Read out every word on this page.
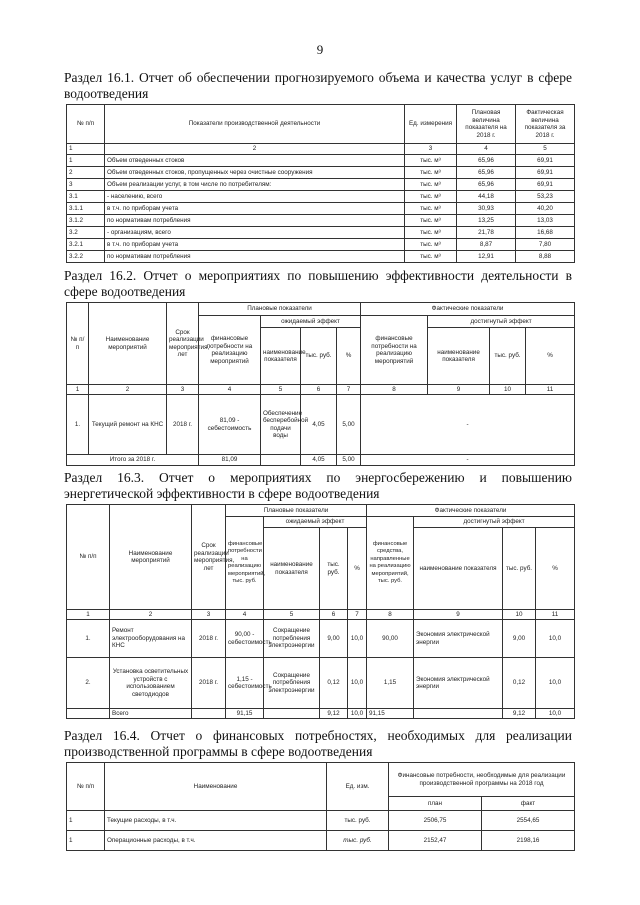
9
Раздел 16.1. Отчет об обеспечении прогнозируемого объема и качества услуг в сфере водоотведения
№ п/п	Показатели производственной деятельности	Ед. измерения	Плановая величина показателя на 2018 г.	Фактическая величина показателя за 2018 г.
1	2	3	4	5
1	Объем отведенных стоков	тыс. м³	65,96	69,91
2	Объем отведенных стоков, пропущенных через очистные сооружения	тыс. м³	65,96	69,91
3	Объем реализации услуг, в том числе по потребителям:	тыс. м³	65,96	69,91
3.1	- населению, всего	тыс. м³	44,18	53,23
3.1.1	в т.ч. по приборам учета	тыс. м³	30,93	40,20
3.1.2	по нормативам потребления	тыс. м³	13,25	13,03
3.2	- организациям, всего	тыс. м³	21,78	16,68
3.2.1	в т.ч. по приборам учета	тыс. м³	8,87	7,80
3.2.2	по нормативам потребления	тыс. м³	12,91	8,88
Раздел 16.2. Отчет о мероприятиях по повышению эффективности деятельности в сфере водоотведения
№ п/ п	Наименование мероприятий	Срок реализации мероприятия, лет	Плановые показатели				Фактические показатели			
			финансовые потребности на реализацию мероприятий	ожидаемый эффект			финансовые потребности на реализацию мероприятий	достигнутый эффект		
				наименование показателя	тыс. руб.	%		наименование показателя	тыс. руб.	%
1	2	3	4	5	6	7	8	9	10	11
1.	Текущий ремонт на КНС	2018 г.	81,09 - себестоимость	Обеспечение бесперебойной подачи воды	4,05	5,00	-			
Итого за 2018 г.			81,09		4,05	5,00	-			
Раздел 16.3. Отчет о мероприятиях по энергосбережению и повышению энергетической эффективности в сфере водоотведения
№ п/п	Наименование мероприятий	Срок реализации мероприятия, лет	Плановые показатели				Фактические показатели			
			финансовые потребности на реализацию мероприятий, тыс. руб.	ожидаемый эффект			финансовые средства, направленные на реализацию мероприятий, тыс. руб.	достигнутый эффект		
				наименование показателя	тыс. руб.	%		наименование показателя	тыс. руб.	%
1	2	3	4	5	6	7	8	9	10	11
1.	Ремонт электрооборудования на КНС	2018 г.	90,00 - себестоимость	Сокращение потребления электроэнергии	9,00	10,0	90,00	Экономия электрической энергии	9,00	10,0
2.	Установка осветительных устройств с использованием светодиодов	2018 г.	1,15 - себестоимость	Сокращение потребления электроэнергии	0,12	10,0	1,15	Экономия электрической энергии	0,12	10,0
	Всего		91,15		9,12	10,0	91,15		9,12	10,0
Раздел 16.4. Отчет о финансовых потребностях, необходимых для реализации производственной программы в сфере водоотведения
№ п/п	Наименование	Ед. изм.	Финансовые потребности, необходимые для реализации производственной программы на 2018 год	
			план	факт
1	Текущие расходы, в т.ч.	тыс. руб.	2506,75	2554,65
1	Операционные расходы, в т.ч.	тыс. руб.	2152,47	2198,16
